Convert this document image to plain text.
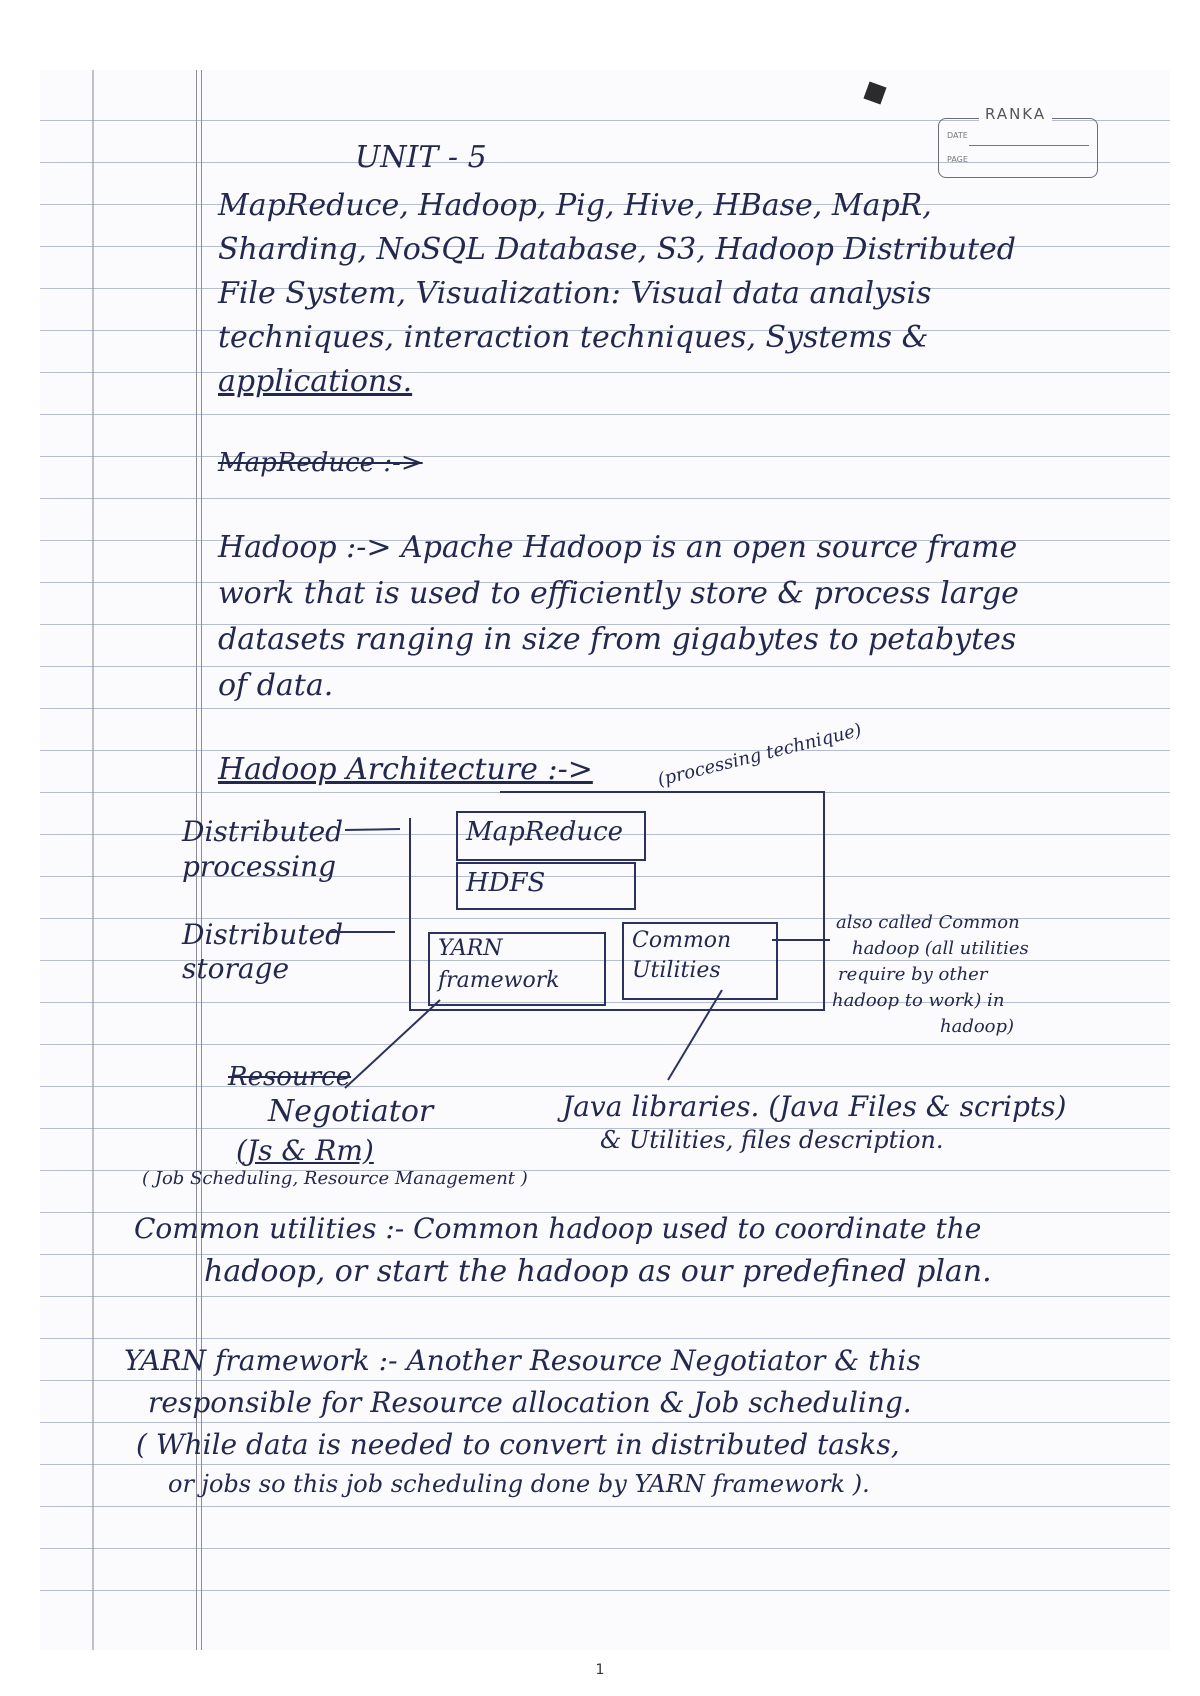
RANKA
DATE
PAGE
UNIT - 5
MapReduce, Hadoop, Pig, Hive, HBase, MapR,
Sharding, NoSQL Database, S3, Hadoop Distributed
File System, Visualization: Visual data analysis
techniques, interaction techniques, Systems &
applications.
MapReduce :->
Hadoop :-> Apache Hadoop is an open source frame
work that is used to efficiently store & process large
datasets ranging in size from gigabytes to petabytes
of data.
Hadoop Architecture :->
Distributed
processing
Distributed
storage
MapReduce
HDFS
YARN
framework
Common
Utilities
(processing technique)
also called Common
hadoop (all utilities
require by other
hadoop to work) in
hadoop)
Resource
Negotiator
(Js & Rm)
( Job Scheduling, Resource Management )
Java libraries. (Java Files & scripts)
& Utilities, files description.
Common utilities :- Common hadoop used to coordinate the
hadoop, or start the hadoop as our predefined plan.
YARN framework :- Another Resource Negotiator & this
responsible for Resource allocation & Job scheduling.
( While data is needed to convert in distributed tasks,
or jobs so this job scheduling done by YARN framework ).
1
